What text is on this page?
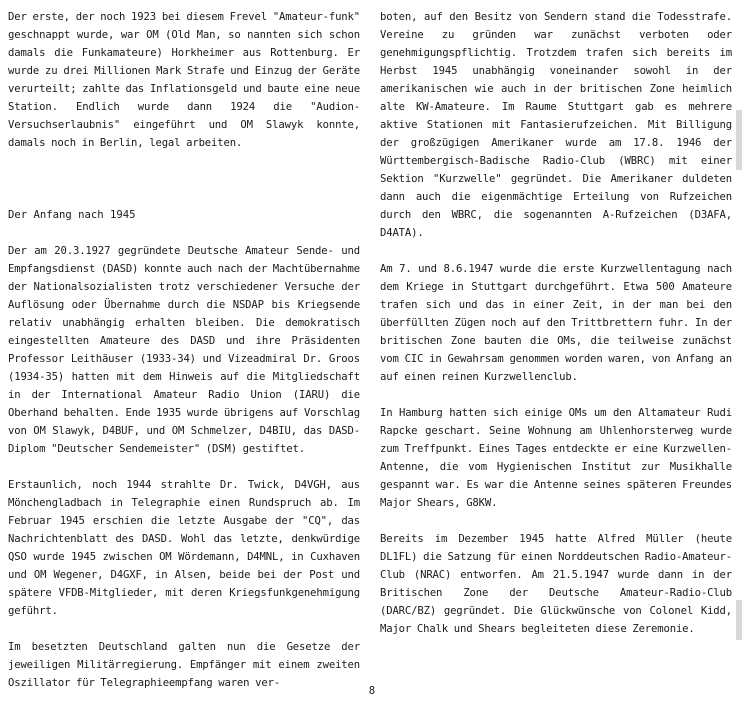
Der erste, der noch 1923 bei diesem Frevel "Amateur-funk" geschnappt wurde, war OM (Old Man, so nannten sich schon damals die Funkamateure) Horkheimer aus Rottenburg. Er wurde zu drei Millionen Mark Strafe und Einzug der Geräte verurteilt; zahlte das Inflationsgeld und baute eine neue Station. Endlich wurde dann 1924 die "Audion-Versuchserlaubnis" eingeführt und OM Slawyk konnte, damals noch in Berlin, legal arbeiten.

Der Anfang nach 1945

Der am 20.3.1927 gegründete Deutsche Amateur Sende- und Empfangsdienst (DASD) konnte auch nach der Machtübernahme der Nationalsozialisten trotz verschiedener Versuche der Auflösung oder Übernahme durch die NSDAP bis Kriegsende relativ unabhängig erhalten bleiben. Die demokratisch eingestellten Amateure des DASD und ihre Präsidenten Professor Leithäuser (1933-34) und Vizeadmiral Dr. Groos (1934-35) hatten mit dem Hinweis auf die Mitgliedschaft in der International Amateur Radio Union (IARU) die Oberhand behalten. Ende 1935 wurde übrigens auf Vorschlag von OM Slawyk, D4BUF, und OM Schmelzer, D4BIU, das DASD-Diplom "Deutscher Sendemeister" (DSM) gestiftet.

Erstaunlich, noch 1944 strahlte Dr. Twick, D4VGH, aus Mönchengladbach in Telegraphie einen Rundspruch ab. Im Februar 1945 erschien die letzte Ausgabe der "CQ", das Nachrichtenblatt des DASD. Wohl das letzte, denkwürdige QSO wurde 1945 zwischen OM Wördemann, D4MNL, in Cuxhaven und OM Wegener, D4GXF, in Alsen, beide bei der Post und spätere VFDB-Mitglieder, mit deren Kriegsfunkgenehmigung geführt.

Im besetzten Deutschland galten nun die Gesetze der jeweiligen Militärregierung. Empfänger mit einem zweiten Oszillator für Telegraphieempfang waren ver-

boten, auf den Besitz von Sendern stand die Todesstrafe. Vereine zu gründen war zunächst verboten oder genehmigungspflichtig. Trotzdem trafen sich bereits im Herbst 1945 unabhängig voneinander sowohl in der amerikanischen wie auch in der britischen Zone heimlich alte KW-Amateure. Im Raume Stuttgart gab es mehrere aktive Stationen mit Fantasierufzeichen. Mit Billigung der großzügigen Amerikaner wurde am 17.8. 1946 der Württembergisch-Badische Radio-Club (WBRC) mit einer Sektion "Kurzwelle" gegründet. Die Amerikaner duldeten dann auch die eigenmächtige Erteilung von Rufzeichen durch den WBRC, die sogenannten A-Rufzeichen (D3AFA, D4ATA).

Am 7. und 8.6.1947 wurde die erste Kurzwellentagung nach dem Kriege in Stuttgart durchgeführt. Etwa 500 Amateure trafen sich und das in einer Zeit, in der man bei den überfüllten Zügen noch auf den Trittbrettern fuhr. In der britischen Zone bauten die OMs, die teilweise zunächst vom CIC in Gewahrsam genommen worden waren, von Anfang an auf einen reinen Kurzwellenclub.

In Hamburg hatten sich einige OMs um den Altamateur Rudi Rapcke geschart. Seine Wohnung am Uhlenhorsterweg wurde zum Treffpunkt. Eines Tages entdeckte er eine Kurzwellen-Antenne, die vom Hygienischen Institut zur Musikhalle gespannt war. Es war die Antenne seines späteren Freundes Major Shears, G8KW.

Bereits im Dezember 1945 hatte Alfred Müller (heute DL1FL) die Satzung für einen Norddeutschen Radio-Amateur-Club (NRAC) entworfen. Am 21.5.1947 wurde dann in der Britischen Zone der Deutsche Amateur-Radio-Club (DARC/BZ) gegründet. Die Glückwünsche von Colonel Kidd, Major Chalk und Shears begleiteten diese Zeremonie.

8
